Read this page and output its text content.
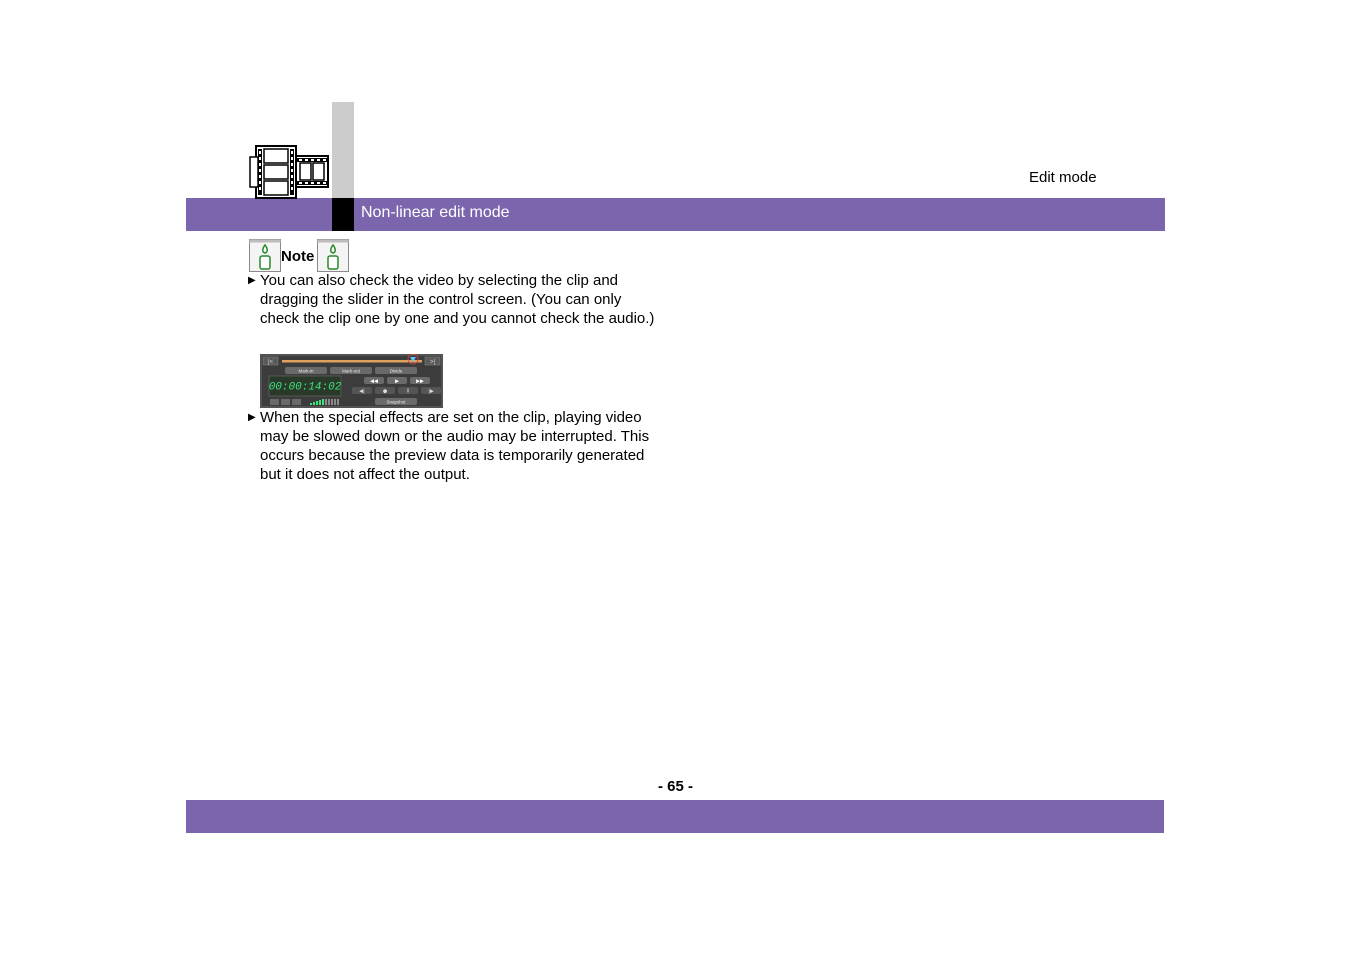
Non-linear edit mode
Edit mode
Note
▶ You can also check the video by selecting the clip and dragging the slider in the control screen. (You can only check the clip one by one and you cannot check the audio.)
|<	>|
Mark-in	Mark-out	Divide
00:00:14:02	◀◀	▶	▶▶
◀|	●	II	|▶
Snapshot
▶ When the special effects are set on the clip, playing video may be slowed down or the audio may be interrupted. This occurs because the preview data is temporarily generated but it does not affect the output.
- 65 -
